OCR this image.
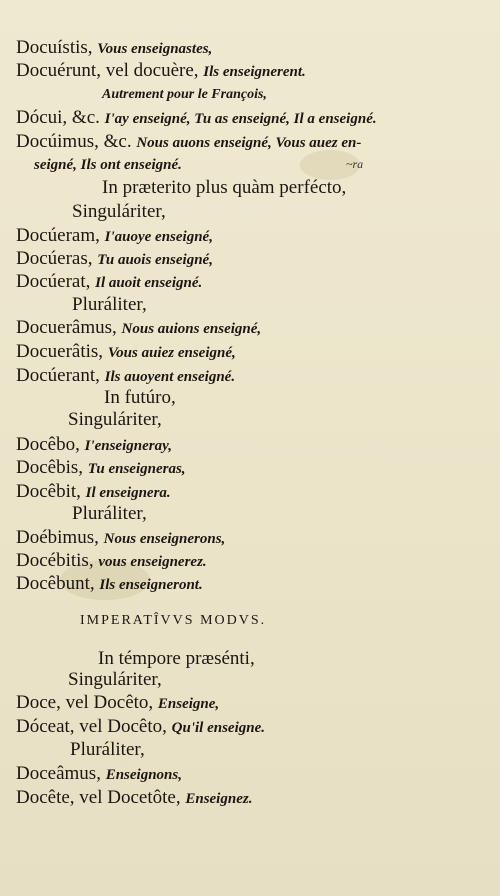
Docuístis, Vous enseignastes,
Docuérunt, vel docuère, Ils enseignerent.
Autrement pour le François,
Dócui, &c. I'ay enseigné, Tu as enseigné, Il a enseigné.
Docúimus, &c. Nous auons enseigné, Vous auez en-
seigné, Ils ont enseigné.	~ra
In præterito plus quàm perfécto,
Singuláriter,
Docúeram, I'auoye enseigné,
Docúeras, Tu auois enseigné,
Docúerat, Il auoit enseigné.
Pluráliter,
Docuerâmus, Nous auions enseigné,
Docuerâtis, Vous auiez enseigné,
Docúerant, Ils auoyent enseigné.
In futúro,
Singuláriter,
Docêbo, I'enseigneray,
Docêbis, Tu enseigneras,
Docêbit, Il enseignera.
Pluráliter,
Doébimus, Nous enseignerons,
Docébitis, vous enseignerez.
Docêbunt, Ils enseigneront.
IMPERATÎVVS MODVS.
In témpore præsénti,
Singuláriter,
Doce, vel Docêto, Enseigne,
Dóceat, vel Docêto, Qu'il enseigne.
Pluráliter,
Doceâmus, Enseignons,
Docête, vel Docetôte, Enseignez.
